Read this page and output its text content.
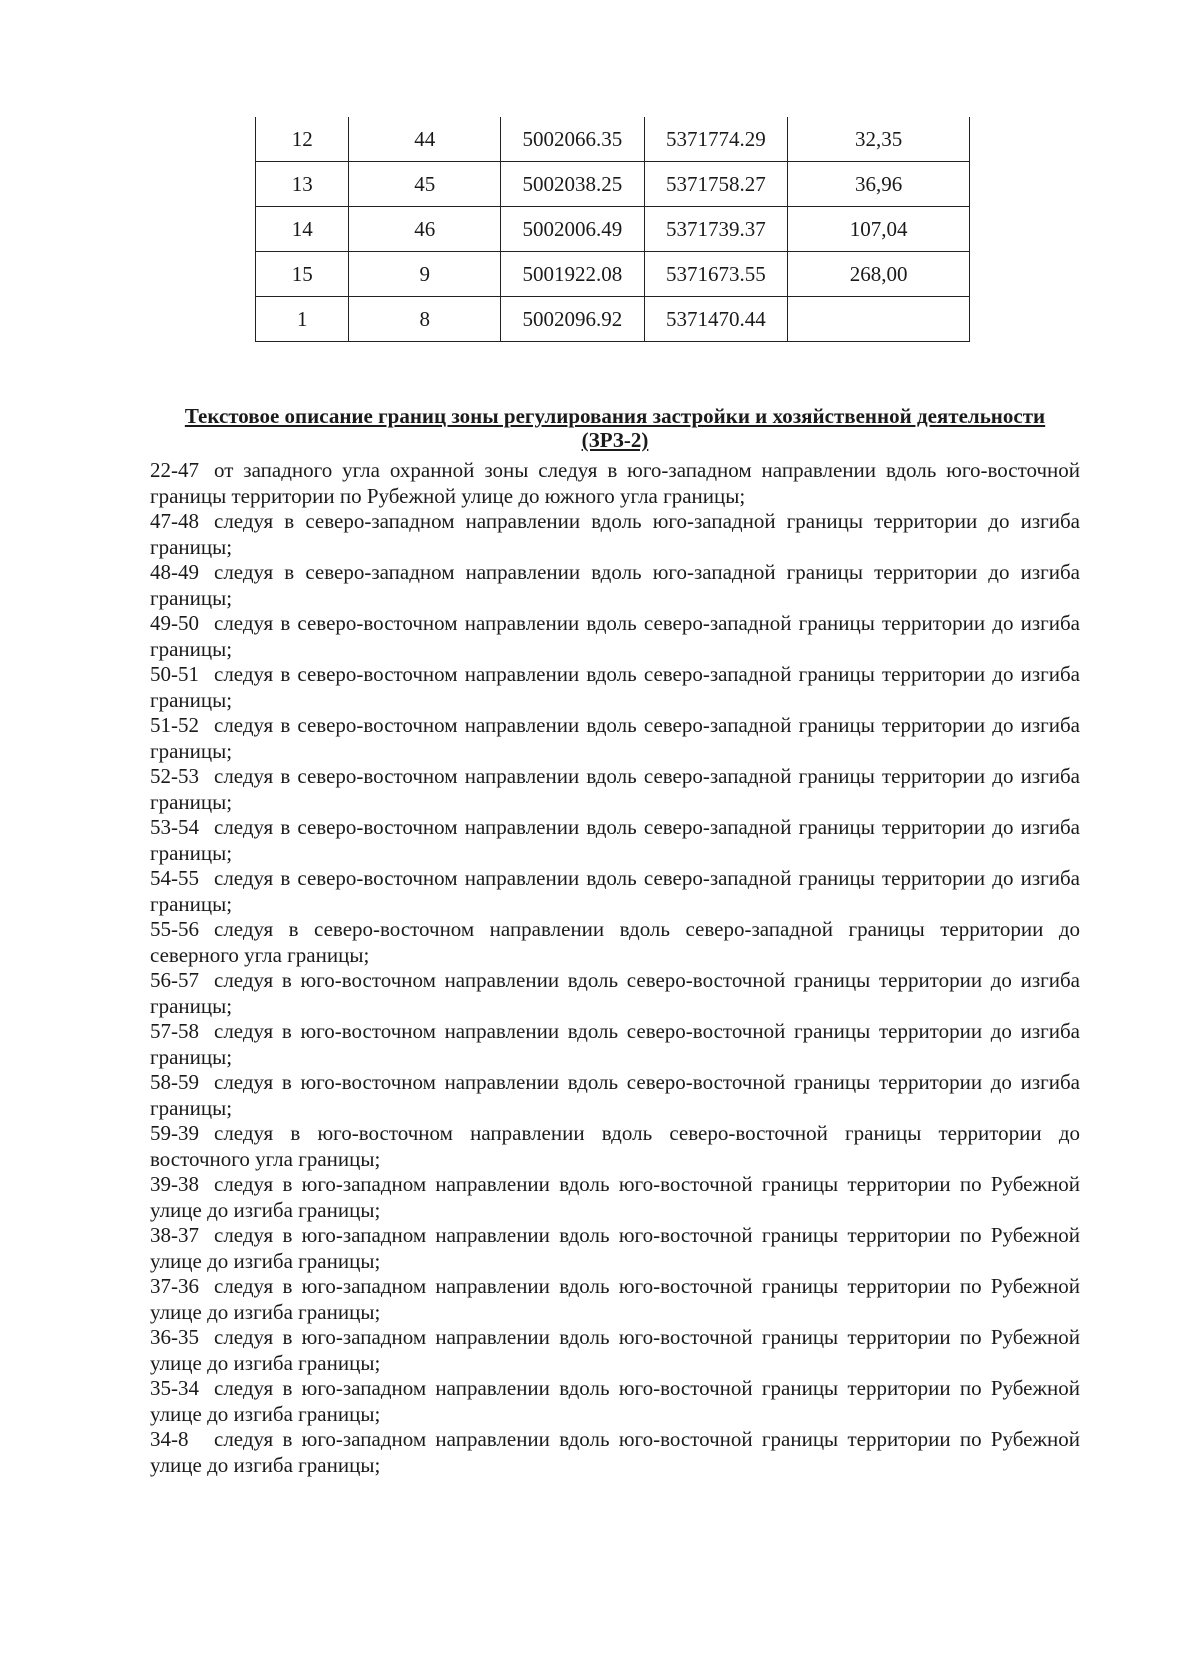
12	44	5002066.35	5371774.29	32,35
13	45	5002038.25	5371758.27	36,96
14	46	5002006.49	5371739.37	107,04
15	9	5001922.08	5371673.55	268,00
1	8	5002096.92	5371470.44	
Текстовое описание границ зоны регулирования застройки и хозяйственной деятельности (ЗРЗ-2)

22-47 от западного угла охранной зоны следуя в юго-западном направлении вдоль юго-восточной границы территории по Рубежной улице до южного угла границы;

47-48 следуя в северо-западном направлении вдоль юго-западной границы территории до изгиба границы;

48-49 следуя в северо-западном направлении вдоль юго-западной границы территории до изгиба границы;

49-50 следуя в северо-восточном направлении вдоль северо-западной границы территории до изгиба границы;

50-51 следуя в северо-восточном направлении вдоль северо-западной границы территории до изгиба границы;

51-52 следуя в северо-восточном направлении вдоль северо-западной границы территории до изгиба границы;

52-53 следуя в северо-восточном направлении вдоль северо-западной границы территории до изгиба границы;

53-54 следуя в северо-восточном направлении вдоль северо-западной границы территории до изгиба границы;

54-55 следуя в северо-восточном направлении вдоль северо-западной границы территории до изгиба границы;

55-56 следуя в северо-восточном направлении вдоль северо-западной границы территории до северного угла границы;

56-57 следуя в юго-восточном направлении вдоль северо-восточной границы территории до изгиба границы;

57-58 следуя в юго-восточном направлении вдоль северо-восточной границы территории до изгиба границы;

58-59 следуя в юго-восточном направлении вдоль северо-восточной границы территории до изгиба границы;

59-39 следуя в юго-восточном направлении вдоль северо-восточной границы территории до восточного угла границы;

39-38 следуя в юго-западном направлении вдоль юго-восточной границы территории по Рубежной улице до изгиба границы;

38-37 следуя в юго-западном направлении вдоль юго-восточной границы территории по Рубежной улице до изгиба границы;

37-36 следуя в юго-западном направлении вдоль юго-восточной границы территории по Рубежной улице до изгиба границы;

36-35 следуя в юго-западном направлении вдоль юго-восточной границы территории по Рубежной улице до изгиба границы;

35-34 следуя в юго-западном направлении вдоль юго-восточной границы территории по Рубежной улице до изгиба границы;

34-8 следуя в юго-западном направлении вдоль юго-восточной границы территории по Рубежной улице до изгиба границы;
